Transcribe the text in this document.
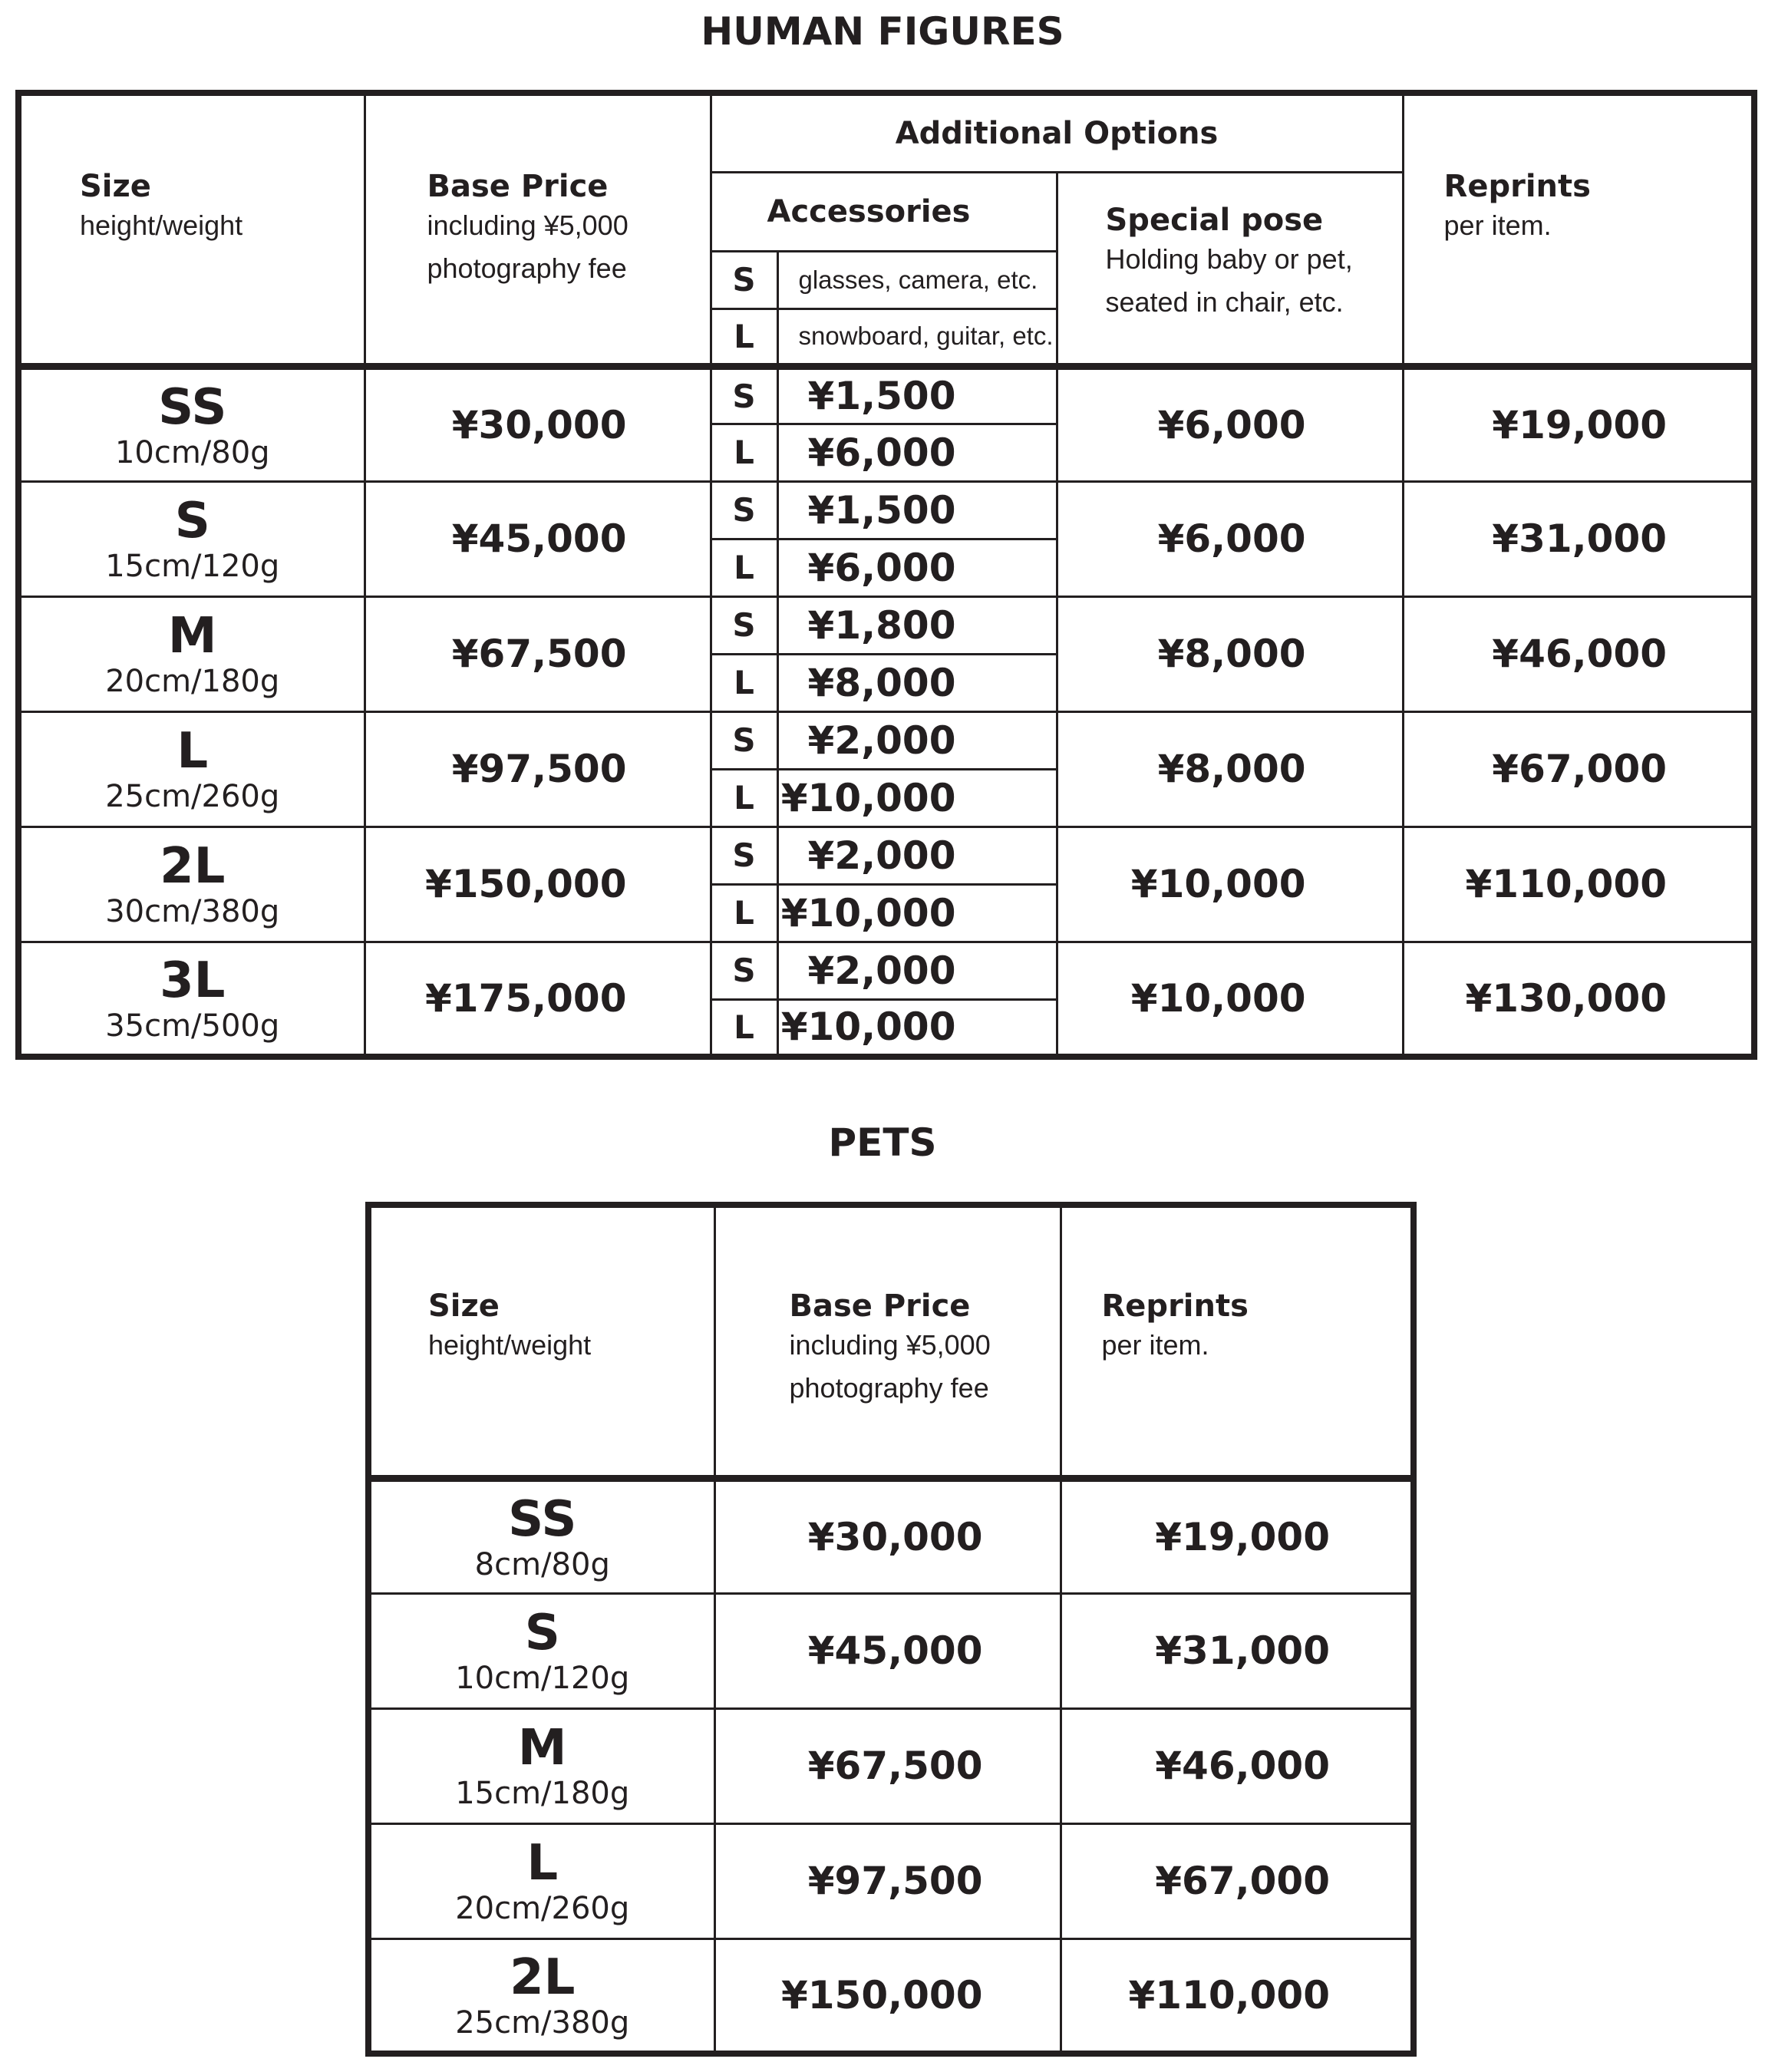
HUMAN FIGURES
Size
height/weight	Base Price
including ¥5,000
photography fee	Additional Options			Reprints
per item.

		Accessories		Special pose
Holding baby or pet,
seated in chair, etc.	

		S	glasses, camera, etc.		
		L	snowboard, guitar, etc.		

SS
10cm/80g	¥30,000	S	¥1,500	¥6,000	¥19,000
		L	¥6,000		

S
15cm/120g	¥45,000	S	¥1,500	¥6,000	¥31,000
		L	¥6,000		

M
20cm/180g	¥67,500	S	¥1,800	¥8,000	¥46,000
		L	¥8,000		

L
25cm/260g	¥97,500	S	¥2,000	¥8,000	¥67,000
		L	¥10,000		

2L
30cm/380g	¥150,000	S	¥2,000	¥10,000	¥110,000
		L	¥10,000		

3L
35cm/500g	¥175,000	S	¥2,000	¥10,000	¥130,000
		L	¥10,000		
Size
height/weight	Base Price
including ¥5,000
photography fee	Reprints
per item.

SS
8cm/80g	¥30,000	¥19,000

S
10cm/120g	¥45,000	¥31,000

M
15cm/180g	¥67,500	¥46,000

L
20cm/260g	¥97,500	¥67,000

2L
25cm/380g	¥150,000	¥110,000
PETS
